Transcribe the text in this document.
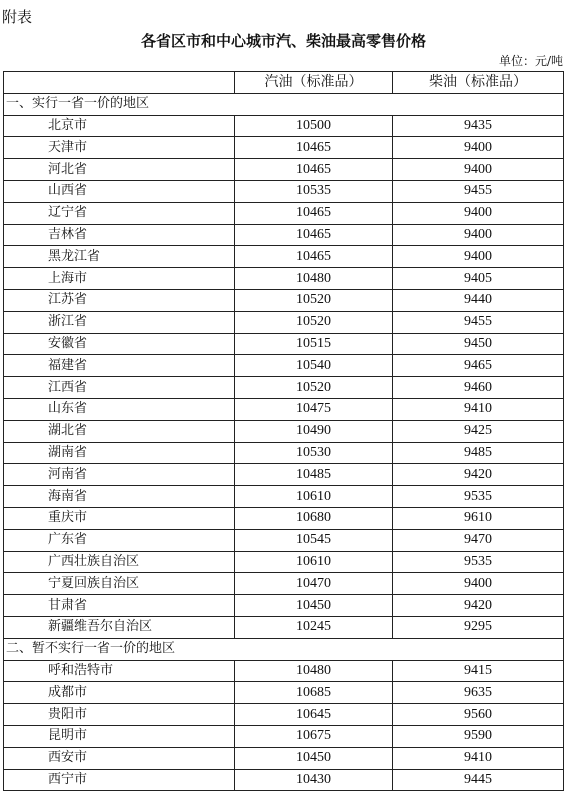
附表
各省区市和中心城市汽、柴油最高零售价格
单位：元/吨
	汽油（标准品）	柴油（标准品）
一、实行一省一价的地区		
北京市	10500	9435
天津市	10465	9400
河北省	10465	9400
山西省	10535	9455
辽宁省	10465	9400
吉林省	10465	9400
黑龙江省	10465	9400
上海市	10480	9405
江苏省	10520	9440
浙江省	10520	9455
安徽省	10515	9450
福建省	10540	9465
江西省	10520	9460
山东省	10475	9410
湖北省	10490	9425
湖南省	10530	9485
河南省	10485	9420
海南省	10610	9535
重庆市	10680	9610
广东省	10545	9470
广西壮族自治区	10610	9535
宁夏回族自治区	10470	9400
甘肃省	10450	9420
新疆维吾尔自治区	10245	9295
二、暂不实行一省一价的地区		
呼和浩特市	10480	9415
成都市	10685	9635
贵阳市	10645	9560
昆明市	10675	9590
西安市	10450	9410
西宁市	10430	9445
